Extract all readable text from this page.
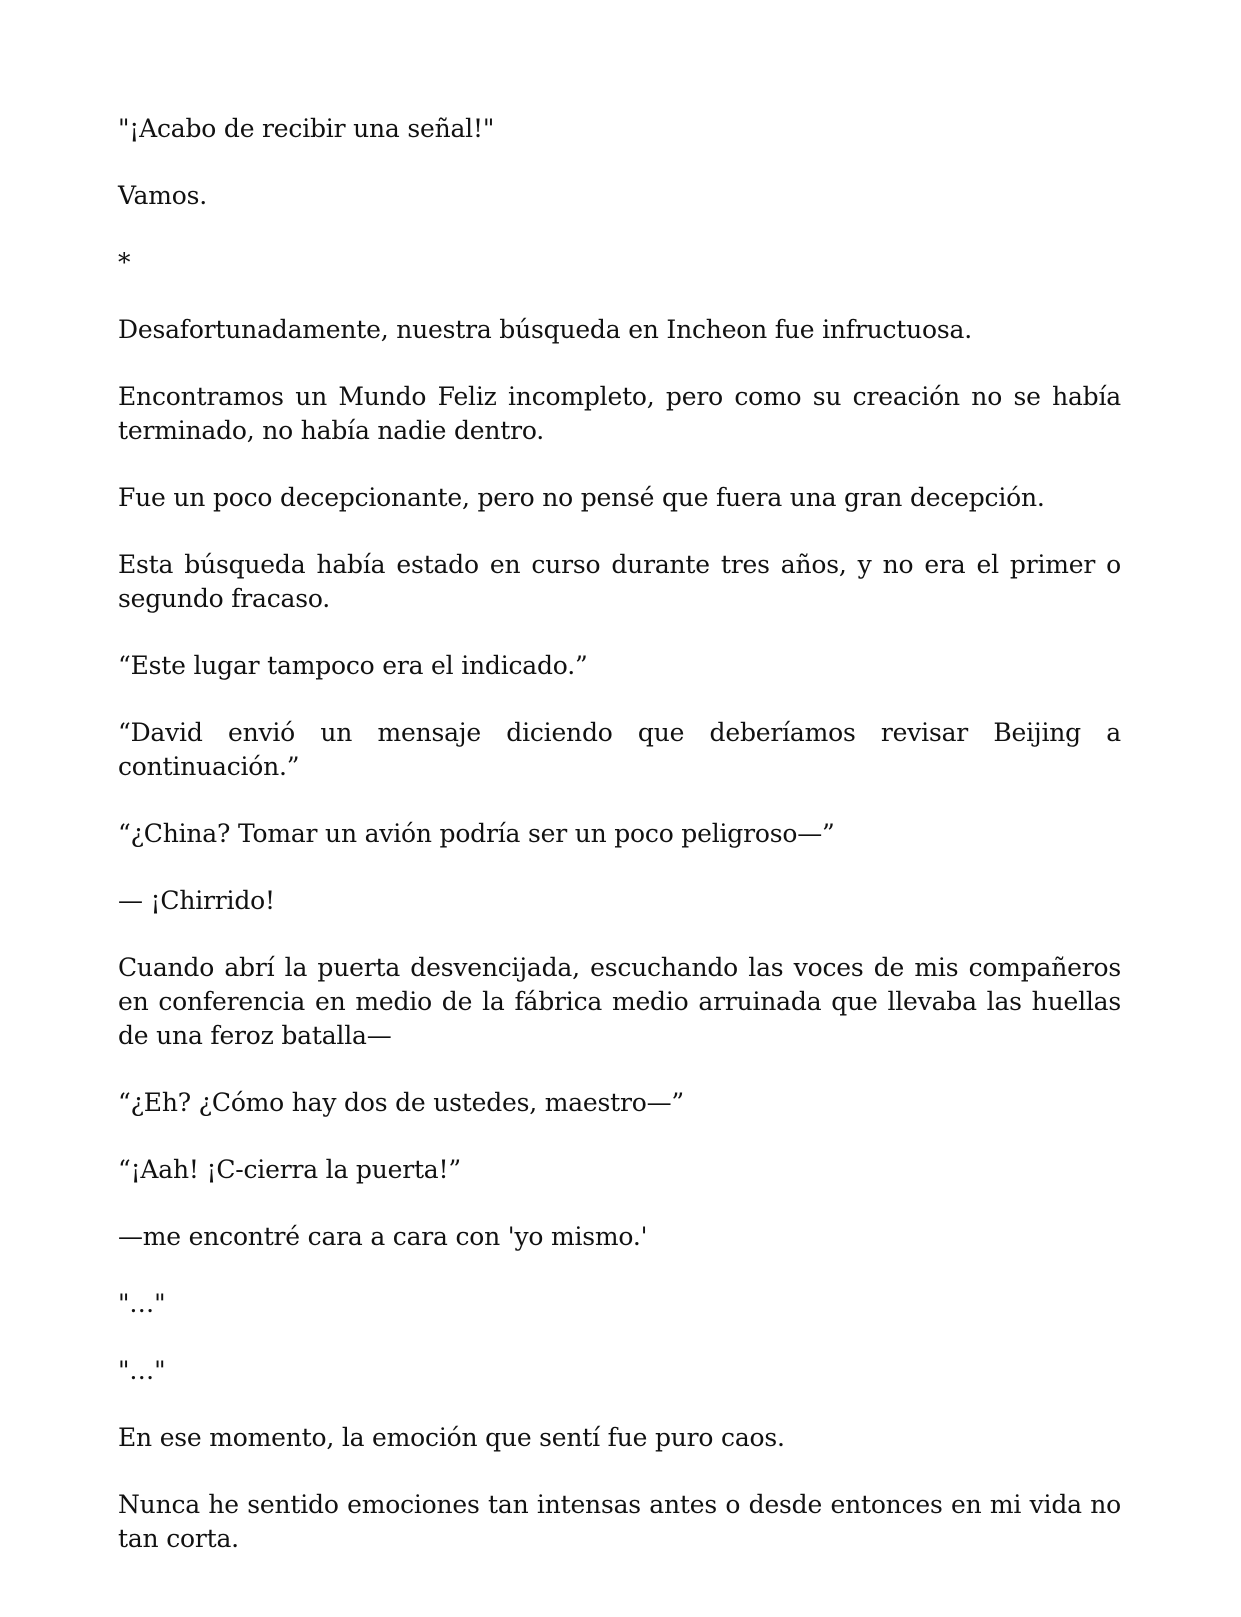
"¡Acabo de recibir una señal!"

Vamos.

*

Desafortunadamente, nuestra búsqueda en Incheon fue infructuosa.

Encontramos un Mundo Feliz incompleto, pero como su creación no se había terminado, no había nadie dentro.

Fue un poco decepcionante, pero no pensé que fuera una gran decepción.

Esta búsqueda había estado en curso durante tres años, y no era el primer o segundo fracaso.

“Este lugar tampoco era el indicado.”

“David envió un mensaje diciendo que deberíamos revisar Beijing a continuación.”

“¿China? Tomar un avión podría ser un poco peligroso—”

— ¡Chirrido!

Cuando abrí la puerta desvencijada, escuchando las voces de mis compañeros en conferencia en medio de la fábrica medio arruinada que llevaba las huellas de una feroz batalla—

“¿Eh? ¿Cómo hay dos de ustedes, maestro—”

“¡Aah! ¡C-cierra la puerta!”

—me encontré cara a cara con 'yo mismo.'

"…"

"…"

En ese momento, la emoción que sentí fue puro caos.

Nunca he sentido emociones tan intensas antes o desde entonces en mi vida no tan corta.
